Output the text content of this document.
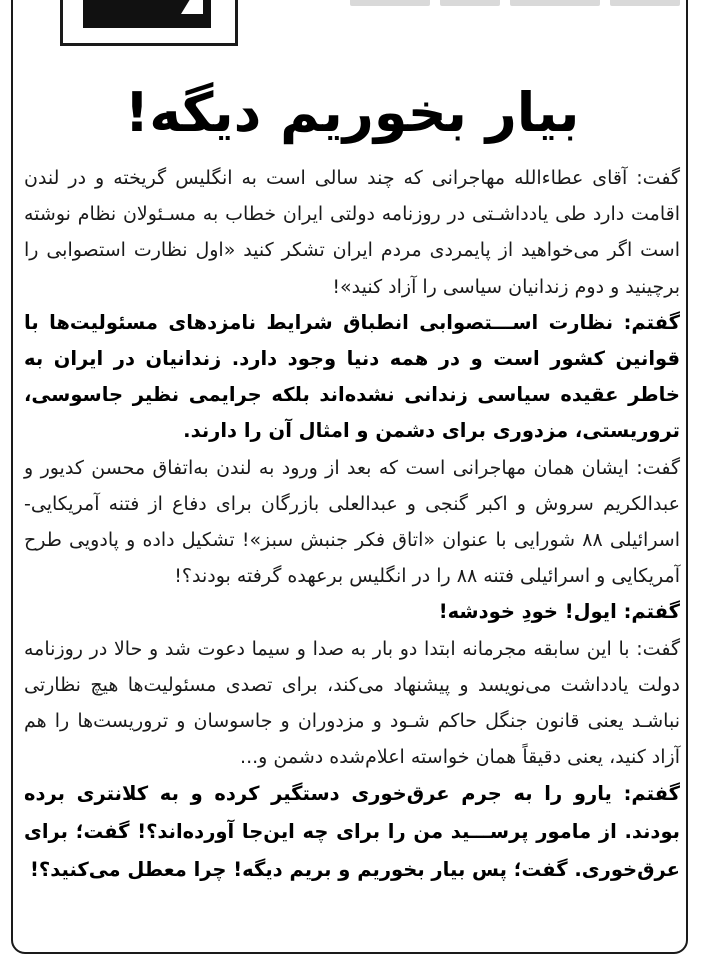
بیار بخوریم دیگه!

گفت: آقای عطاءالله مهاجرانی که چند سالی است به انگلیس گریخته و در لندن اقامت دارد طی یادداشـتی در روزنامه دولتی ایران خطاب به مسـئولان نظام نوشته است اگر می‌خواهید از پایمردی مردم ایران تشکر کنید «اول نظارت استصوابی را برچینید و دوم زندانیان سیاسی را آزاد کنید»!

گفتم: نظارت اســـتصوابی انطباق شرایط نامزدهای مسئولیت‌ها با قوانین کشور است و در همه دنیا وجود دارد. زندانیان در ایران به خاطر عقیده سیاسی زندانی نشده‌اند بلکه جرایمی نظیر جاسوسی، تروریستی، مزدوری برای دشمن و امثال آن را دارند.

گفت: ایشان همان مهاجرانی است که بعد از ورود به لندن به‌اتفاق محسن کدیور و عبدالکریم سروش و اکبر گنجی و عبدالعلی بازرگان برای دفاع از فتنه آمریکایی- اسرائیلی ۸۸ شورایی با عنوان «اتاق فکر جنبش سبز»! تشکیل داده و پادویی طرح آمریکایی و اسرائیلی فتنه ۸۸ را در انگلیس برعهده گرفته بودند؟!

گفتم: ایول! خودِ خودشه!

گفت: با این سابقه مجرمانه ابتدا دو بار به صدا و سیما دعوت شد و حالا در روزنامه دولت یادداشت می‌نویسد و پیشنهاد می‌کند، برای تصدی مسئولیت‌ها هیچ نظارتی نباشـد یعنی قانون جنگل حاکم شـود و مزدوران و جاسوسان و تروریست‌ها را هم آزاد کنید، یعنی دقیقاً همان خواسته اعلام‌شده دشمن و...

گفتم: یارو را به جرم عرق‌خوری دستگیر کرده و به کلانتری برده بودند. از مامور پرســـید من را برای چه این‌جا آورده‌اند؟! گفت؛ برای عرق‌خوری. گفت؛ پس بیار بخوریم و بریم دیگه! چرا معطل می‌کنید؟!
